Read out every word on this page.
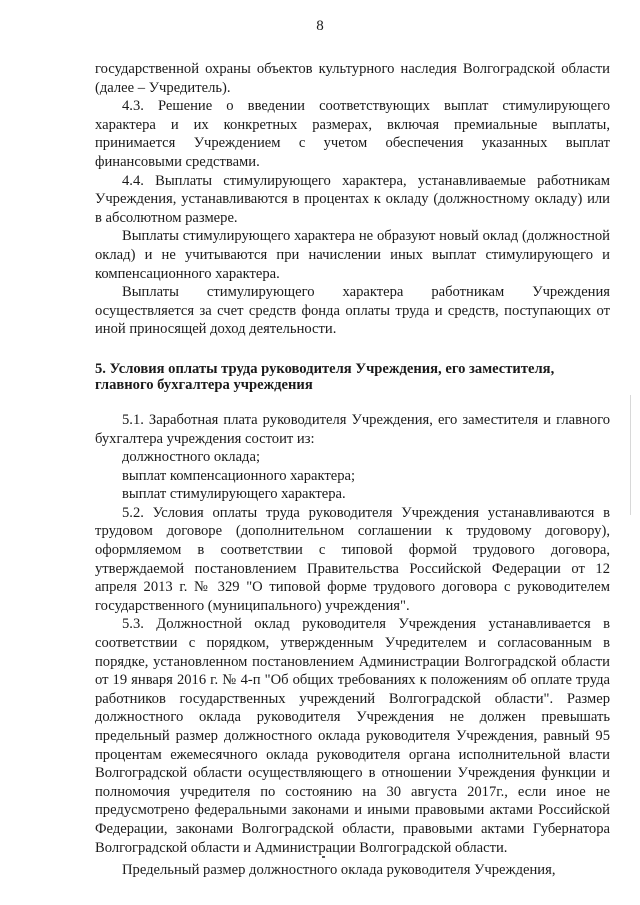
8

государственной охраны объектов культурного наследия Волгоградской области (далее – Учредитель).

4.3. Решение о введении соответствующих выплат стимулирующего характера и их конкретных размерах, включая премиальные выплаты, принимается Учреждением с учетом обеспечения указанных выплат финансовыми средствами.

4.4. Выплаты стимулирующего характера, устанавливаемые работникам Учреждения, устанавливаются в процентах к окладу (должностному окладу) или в абсолютном размере.

Выплаты стимулирующего характера не образуют новый оклад (должностной оклад) и не учитываются при начислении иных выплат стимулирующего и компенсационного характера.

Выплаты стимулирующего характера работникам Учреждения осуществляется за счет средств фонда оплаты труда и средств, поступающих от иной приносящей доход деятельности.

5. Условия оплаты труда руководителя Учреждения, его заместителя,
главного бухгалтера учреждения

5.1. Заработная плата руководителя Учреждения, его заместителя и главного бухгалтера учреждения состоит из:

должностного оклада;

выплат компенсационного характера;

выплат стимулирующего характера.

5.2. Условия оплаты труда руководителя Учреждения устанавливаются в трудовом договоре (дополнительном соглашении к трудовому договору), оформляемом в соответствии с типовой формой трудового договора, утверждаемой постановлением Правительства Российской Федерации от 12 апреля 2013 г. № 329 "О типовой форме трудового договора с руководителем государственного (муниципального) учреждения".

5.3. Должностной оклад руководителя Учреждения устанавливается в соответствии с порядком, утвержденным Учредителем и согласованным в порядке, установленном постановлением Администрации Волгоградской области от 19 января 2016 г. № 4-п "Об общих требованиях к положениям об оплате труда работников государственных учреждений Волгоградской области". Размер должностного оклада руководителя Учреждения не должен превышать предельный размер должностного оклада руководителя Учреждения, равный 95 процентам ежемесячного оклада руководителя органа исполнительной власти Волгоградской области осуществляющего в отношении Учреждения функции и полномочия учредителя по состоянию на 30 августа 2017г., если иное не предусмотрено федеральными законами и иными правовыми актами Российской Федерации, законами Волгоградской области, правовыми актами Губернатора Волгоградской области и Администрации Волгоградской области.

Предельный размер должностного оклада руководителя Учреждения,
